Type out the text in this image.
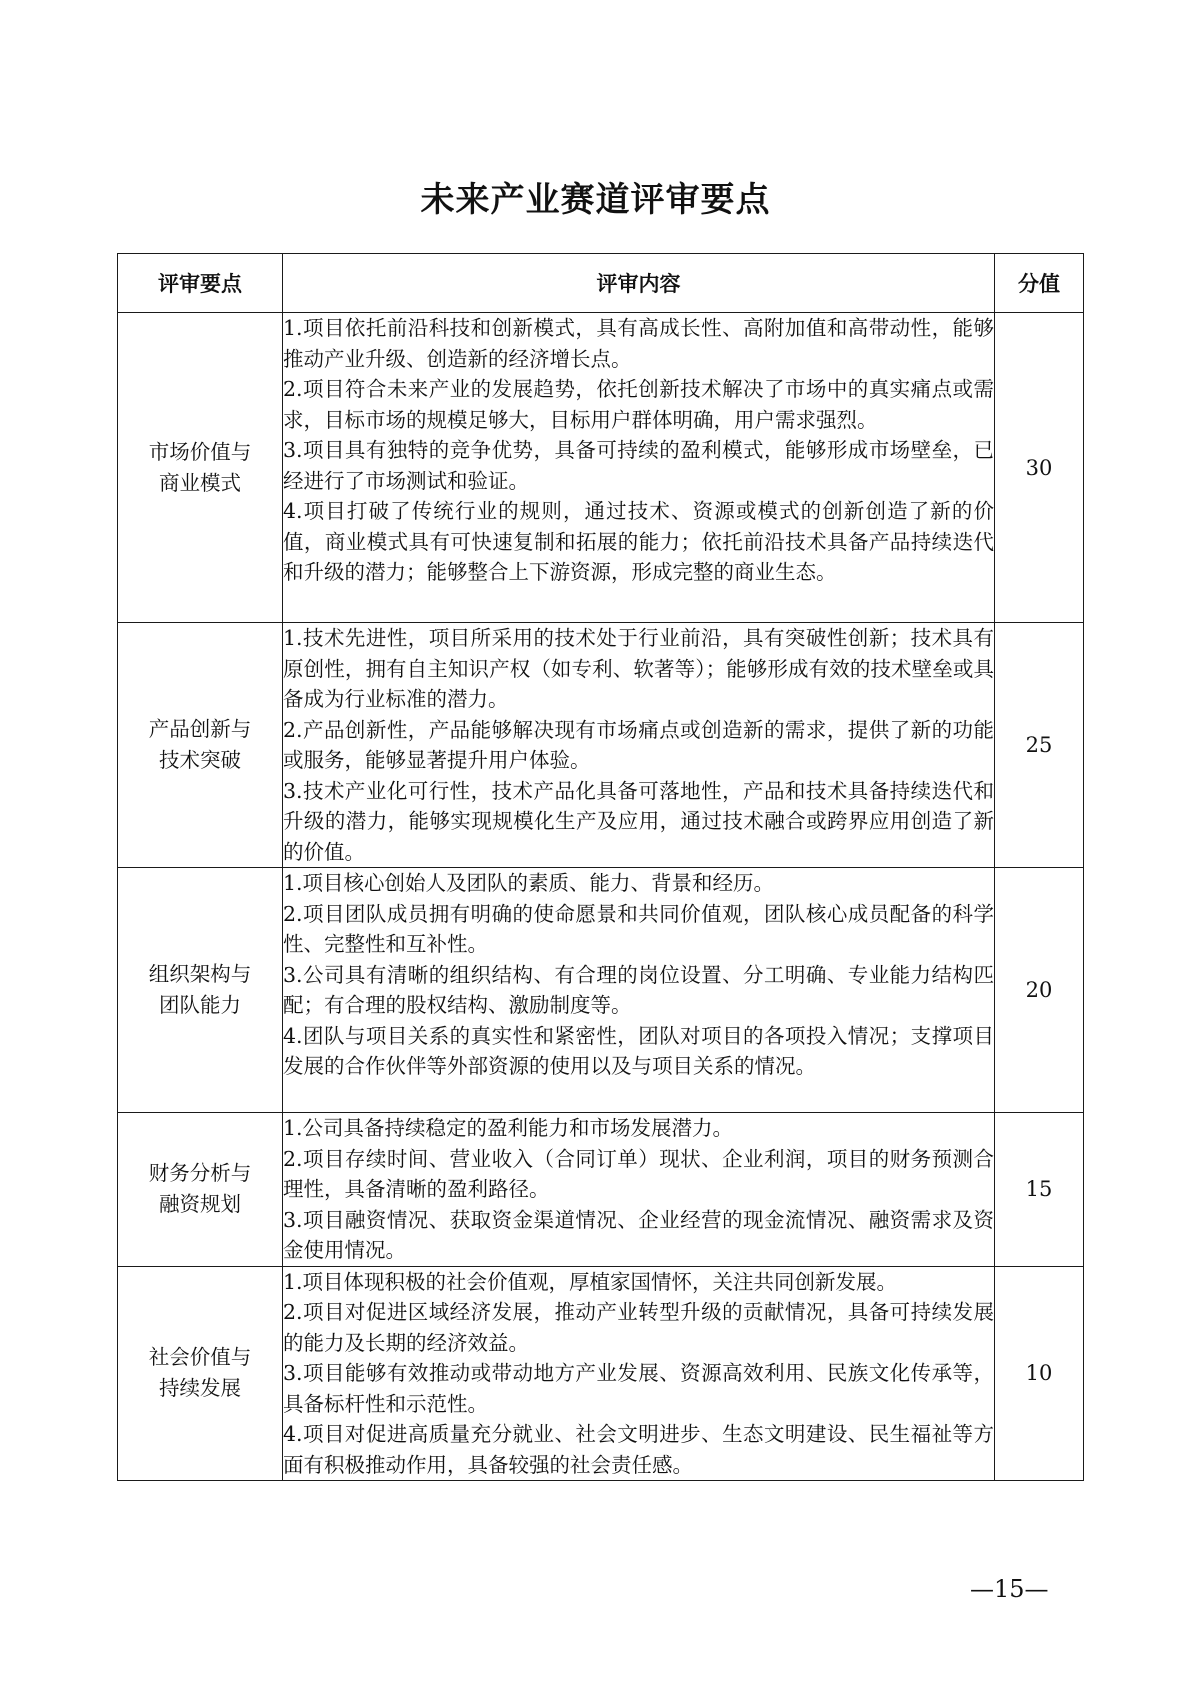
未来产业赛道评审要点
评审要点	评审内容	分值

市场价值与商业模式	1.项目依托前沿科技和创新模式，具有高成长性、高附加值和高带动性，能够推动产业升级、创造新的经济增长点。

2.项目符合未来产业的发展趋势，依托创新技术解决了市场中的真实痛点或需求，目标市场的规模足够大，目标用户群体明确，用户需求强烈。

3.项目具有独特的竞争优势，具备可持续的盈利模式，能够形成市场壁垒，已经进行了市场测试和验证。

4.项目打破了传统行业的规则，通过技术、资源或模式的创新创造了新的价值，商业模式具有可快速复制和拓展的能力；依托前沿技术具备产品持续迭代和升级的潜力；能够整合上下游资源，形成完整的商业生态。	30

产品创新与技术突破	1.技术先进性，项目所采用的技术处于行业前沿，具有突破性创新；技术具有原创性，拥有自主知识产权（如专利、软著等）；能够形成有效的技术壁垒或具备成为行业标准的潜力。

2.产品创新性，产品能够解决现有市场痛点或创造新的需求，提供了新的功能或服务，能够显著提升用户体验。

3.技术产业化可行性，技术产品化具备可落地性，产品和技术具备持续迭代和升级的潜力，能够实现规模化生产及应用，通过技术融合或跨界应用创造了新的价值。	25

组织架构与团队能力	1.项目核心创始人及团队的素质、能力、背景和经历。

2.项目团队成员拥有明确的使命愿景和共同价值观，团队核心成员配备的科学性、完整性和互补性。

3.公司具有清晰的组织结构、有合理的岗位设置、分工明确、专业能力结构匹配；有合理的股权结构、激励制度等。

4.团队与项目关系的真实性和紧密性，团队对项目的各项投入情况；支撑项目发展的合作伙伴等外部资源的使用以及与项目关系的情况。	20

财务分析与融资规划	1.公司具备持续稳定的盈利能力和市场发展潜力。

2.项目存续时间、营业收入（合同订单）现状、企业利润，项目的财务预测合理性，具备清晰的盈利路径。

3.项目融资情况、获取资金渠道情况、企业经营的现金流情况、融资需求及资金使用情况。	15

社会价值与持续发展	1.项目体现积极的社会价值观，厚植家国情怀，关注共同创新发展。

2.项目对促进区域经济发展，推动产业转型升级的贡献情况，具备可持续发展的能力及长期的经济效益。

3.项目能够有效推动或带动地方产业发展、资源高效利用、民族文化传承等，具备标杆性和示范性。

4.项目对促进高质量充分就业、社会文明进步、生态文明建设、民生福祉等方面有积极推动作用，具备较强的社会责任感。	10
—15—
